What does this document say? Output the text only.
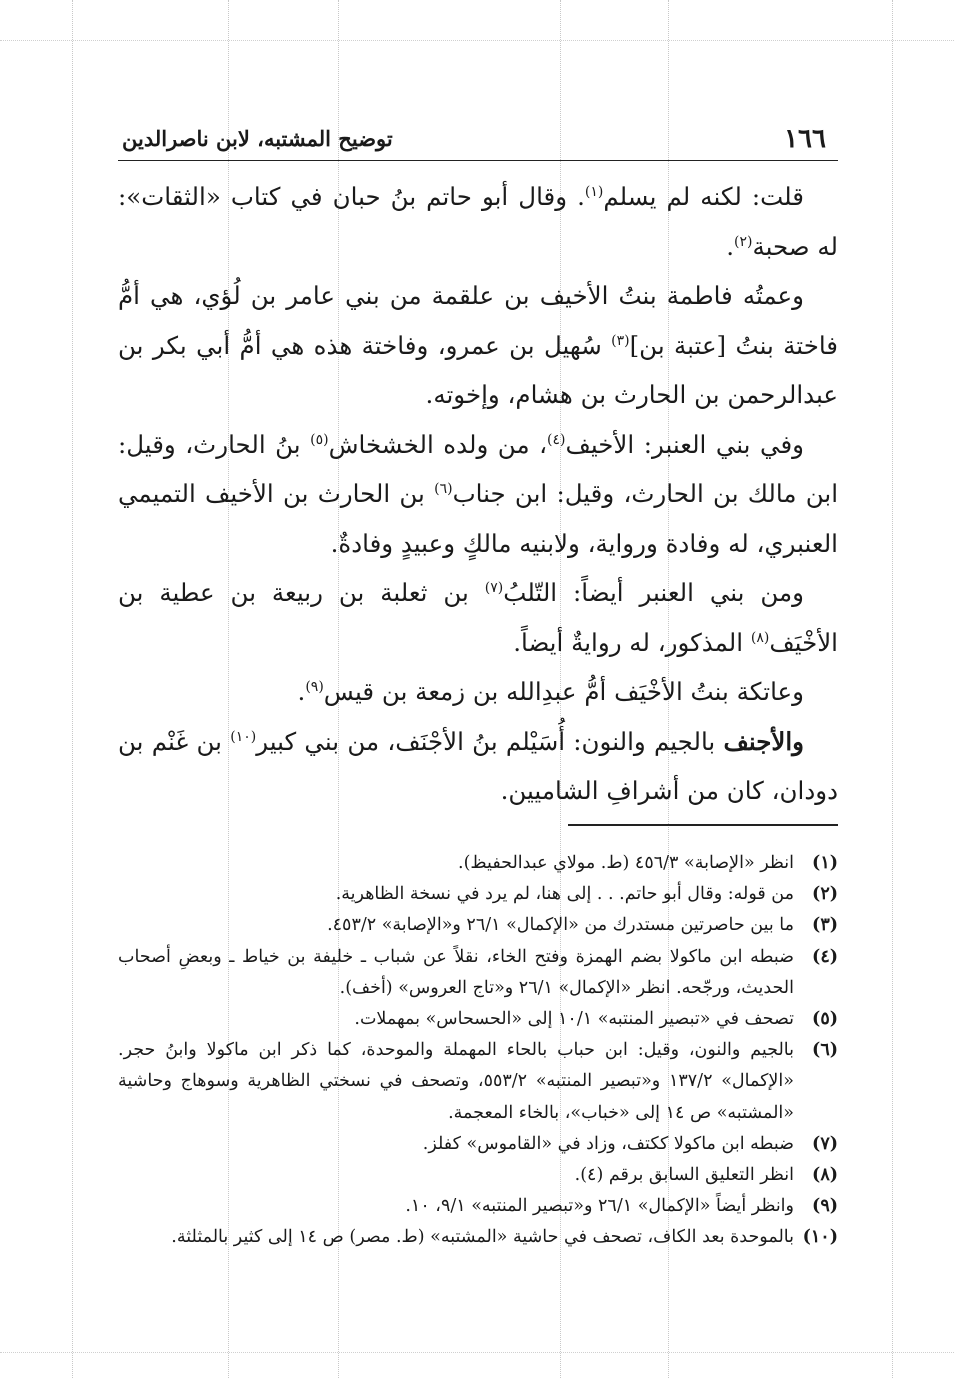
١٦٦
توضيح المشتبه، لابن ناصرالدين

قلت: لكنه لم يسلم$^{(١)}$. وقال أبو حاتم بنُ حبان في كتاب «الثقات»: له صحبة$^{(٢)}$.

وعمتُه فاطمة بنتُ الأخيف بن علقمة من بني عامر بن لُؤي، هي أمُّ فاختة بنتُ [عتبة بن]$^{(٣)}$ سُهيل بن عمرو، وفاختة هذه هي أمُّ أبي بكر بن عبدالرحمن بن الحارث بن هشام، وإخوته.

وفي بني العنبر: الأخيف$^{(٤)}$، من ولده الخشخاش$^{(٥)}$ بنُ الحارث، وقيل: ابن مالك بن الحارث، وقيل: ابن جناب$^{(٦)}$ بن الحارث بن الأخيف التميمي العنبري، له وفادة ورواية، ولابنيه مالكٍ وعبيدٍ وفادةٌ.

ومن بني العنبر أيضاً: التّلبُ$^{(٧)}$ بن ثعلبة بن ربيعة بن عطية بن الأخْيَف$^{(٨)}$ المذكور، له روايةٌ أيضاً.

وعاتكة بنتُ الأخْيَف أمُّ عبدِالله بن زمعة بن قيس$^{(٩)}$.

والأجنف بالجيم والنون: أُسَيْلم بنُ الأجْنَف، من بني كبير$^{(١٠)}$ بن غَنْم بن دودان، كان من أشرافِ الشاميين.

(١)
انظر «الإصابة» ٤٥٦/٣ (ط. مولاي عبدالحفيظ).
(٢)
من قوله: وقال أبو حاتم. . . إلى هنا، لم يرد في نسخة الظاهرية.
(٣)
ما بين حاصرتين مستدرك من «الإكمال» ٢٦/١ و«الإصابة» ٤٥٣/٢.
(٤)
ضبطه ابن ماكولا بضم الهمزة وفتح الخاء، نقلاً عن شباب ـ خليفة بن خياط ـ وبعضِ أصحاب الحديث، ورجّحه. انظر «الإكمال» ٢٦/١ و«تاج العروس» (أخف).
(٥)
تصحف في «تبصير المنتبه» ١٠/١ إلى «الحسحاس» بمهملات.
(٦)
بالجيم والنون، وقيل: ابن حباب بالحاء المهملة والموحدة، كما ذكر ابن ماكولا وابنُ حجر. «الإكمال» ١٣٧/٢ و«تبصير المنتبه» ٥٥٣/٢، وتصحف في نسختي الظاهرية وسوهاج وحاشية «المشتبه» ص ١٤ إلى «خباب»، بالخاء المعجمة.
(٧)
ضبطه ابن ماكولا ككتف، وزاد في «القاموس» كفلز.
(٨)
انظر التعليق السابق برقم (٤).
(٩)
وانظر أيضاً «الإكمال» ٢٦/١ و«تبصير المنتبه» ٩/١، ١٠.
(١٠)
بالموحدة بعد الكاف، تصحف في حاشية «المشتبه» (ط. مصر) ص ١٤ إلى كثير بالمثلثة.
